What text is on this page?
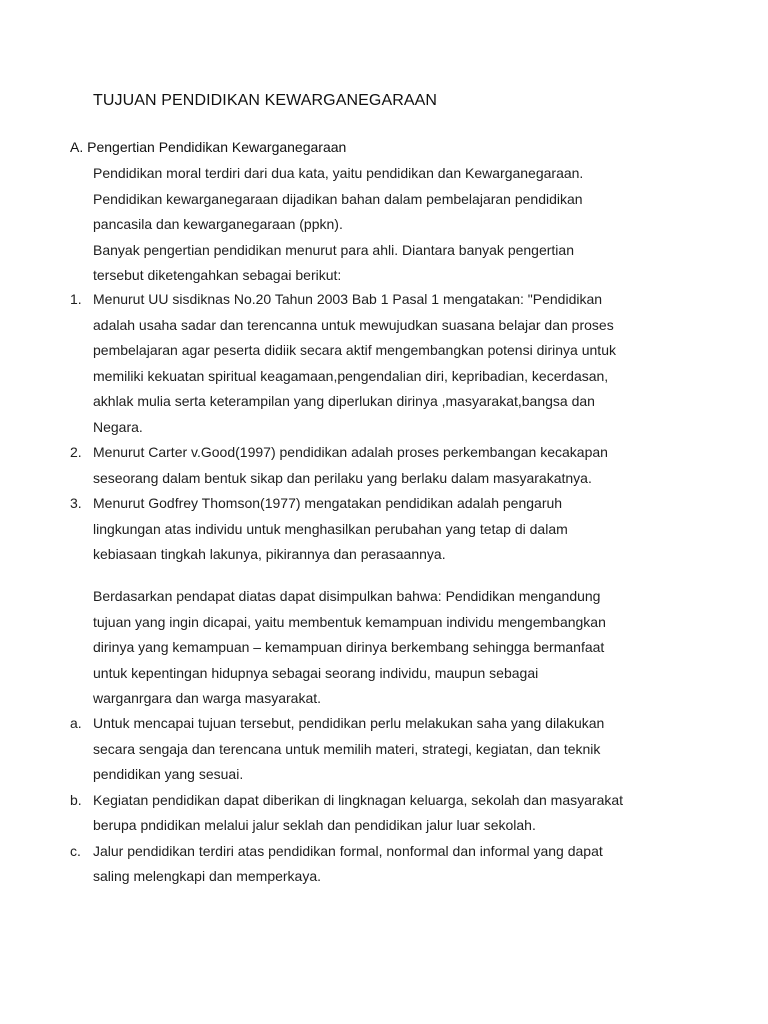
TUJUAN PENDIDIKAN KEWARGANEGARAAN
A. Pengertian Pendidikan Kewarganegaraan
Pendidikan moral terdiri dari dua kata, yaitu pendidikan dan Kewarganegaraan.
Pendidikan kewarganegaraan dijadikan bahan dalam pembelajaran pendidikan
pancasila dan kewarganegaraan (ppkn).
Banyak pengertian pendidikan menurut para ahli. Diantara banyak pengertian
tersebut diketengahkan sebagai berikut:
1. Menurut UU sisdiknas No.20 Tahun 2003 Bab 1 Pasal 1 mengatakan: "Pendidikan
adalah usaha sadar dan terencanna untuk mewujudkan suasana belajar dan proses
pembelajaran agar peserta didiik secara aktif mengembangkan potensi dirinya untuk
memiliki kekuatan spiritual keagamaan,pengendalian diri, kepribadian, kecerdasan,
akhlak mulia serta keterampilan yang diperlukan dirinya ,masyarakat,bangsa dan
Negara.
2. Menurut Carter v.Good(1997) pendidikan adalah proses perkembangan kecakapan
seseorang dalam bentuk sikap dan perilaku yang berlaku dalam masyarakatnya.
3. Menurut Godfrey Thomson(1977) mengatakan pendidikan adalah pengaruh
lingkungan atas individu untuk menghasilkan perubahan yang tetap di dalam
kebiasaan tingkah lakunya, pikirannya dan perasaannya.
Berdasarkan pendapat diatas dapat disimpulkan bahwa: Pendidikan mengandung
tujuan yang ingin dicapai, yaitu membentuk kemampuan individu mengembangkan
dirinya yang kemampuan – kemampuan dirinya berkembang sehingga bermanfaat
untuk kepentingan hidupnya sebagai seorang individu, maupun sebagai
warganrgara dan warga masyarakat.
a. Untuk mencapai tujuan tersebut, pendidikan perlu melakukan saha yang dilakukan
secara sengaja dan terencana untuk memilih materi, strategi, kegiatan, dan teknik
pendidikan yang sesuai.
b. Kegiatan pendidikan dapat diberikan di lingknagan keluarga, sekolah dan masyarakat
berupa pndidikan melalui jalur seklah dan pendidikan jalur luar sekolah.
c. Jalur pendidikan terdiri atas pendidikan formal, nonformal dan informal yang dapat
saling melengkapi dan memperkaya.
